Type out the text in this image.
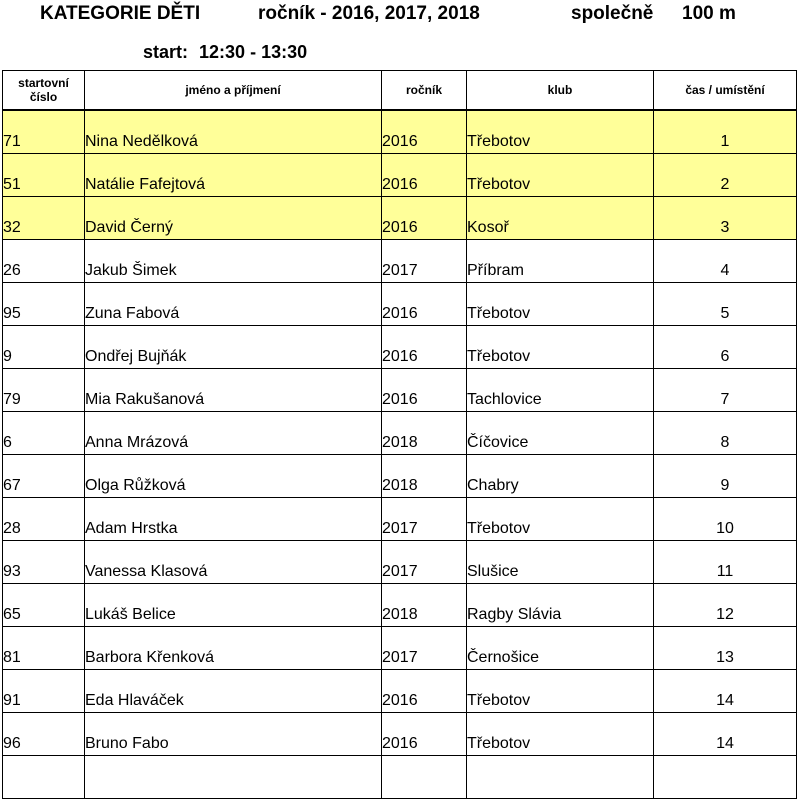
KATEGORIE DĚTI	ročník - 2016, 2017, 2018	společně 100 m
start: 12:30 - 13:30
startovní
číslo	jméno a příjmení	ročník	klub	čas / umístění
71	Nina Nedělková	2016	Třebotov	1
51	Natálie Fafejtová	2016	Třebotov	2
32	David Černý	2016	Kosoř	3
26	Jakub Šimek	2017	Příbram	4
95	Zuna Fabová	2016	Třebotov	5
9	Ondřej Bujňák	2016	Třebotov	6
79	Mia Rakušanová	2016	Tachlovice	7
6	Anna Mrázová	2018	Číčovice	8
67	Olga Růžková	2018	Chabry	9
28	Adam Hrstka	2017	Třebotov	10
93	Vanessa Klasová	2017	Slušice	11
65	Lukáš Belice	2018	Ragby Slávia	12
81	Barbora Křenková	2017	Černošice	13
91	Eda Hlaváček	2016	Třebotov	14
96	Bruno Fabo	2016	Třebotov	14
